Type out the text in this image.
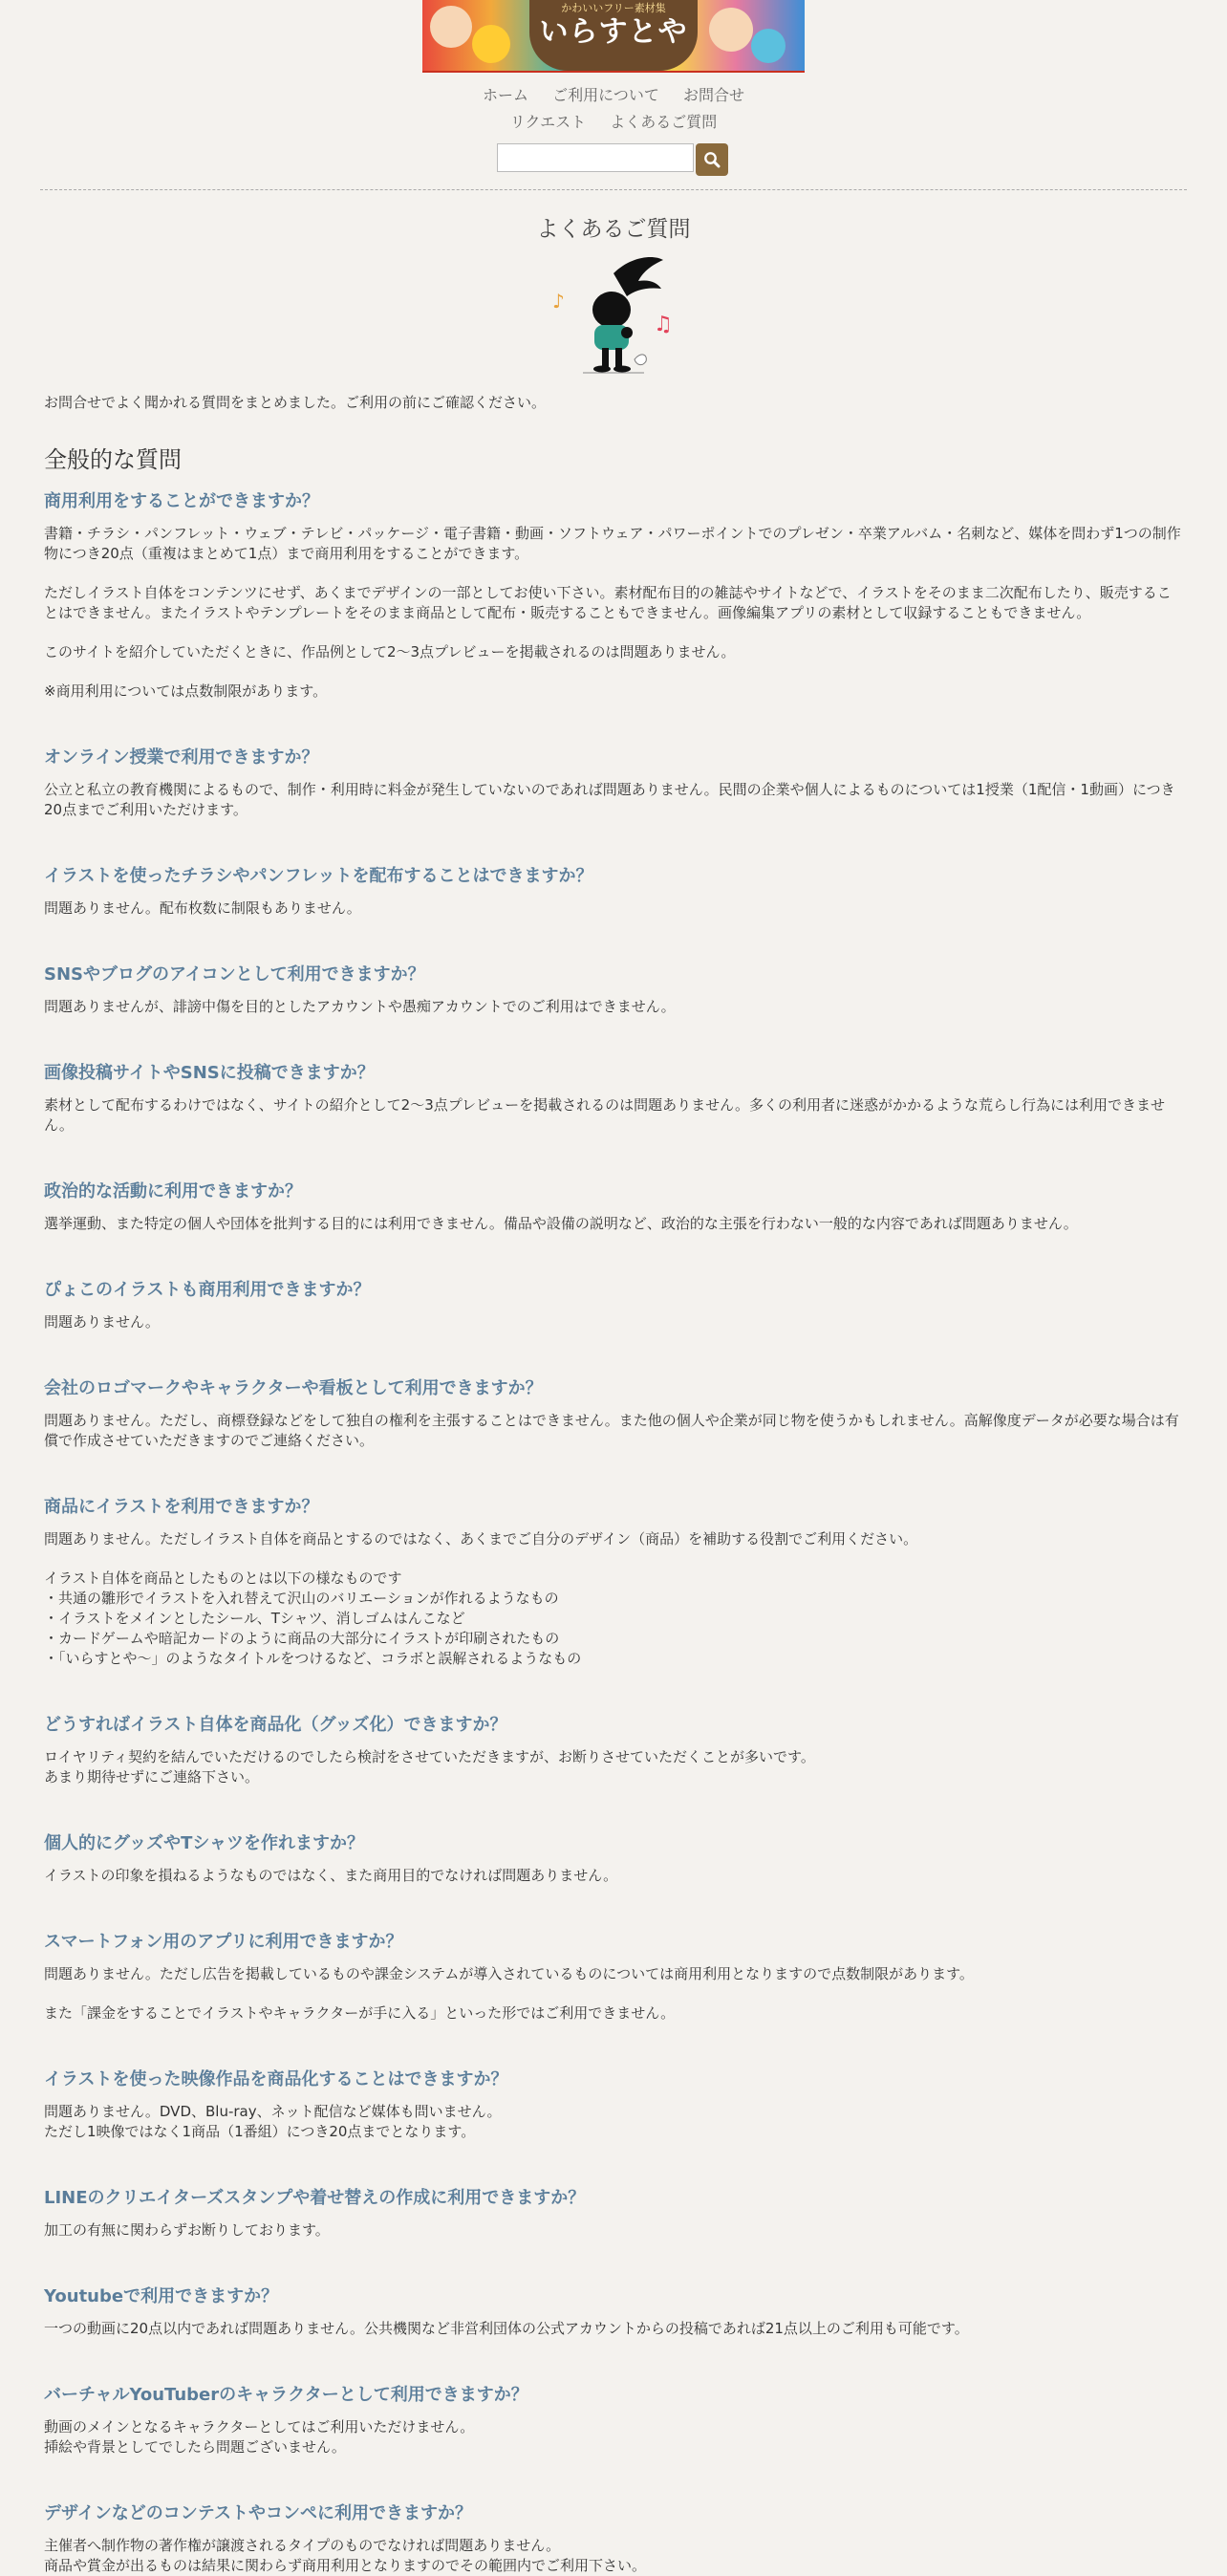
かわいいフリー素材集
いらすとや
ホーム ご利用について お問合せ
リクエスト よくあるご質問
よくあるご質問
♪
♫

お問合せでよく聞かれる質問をまとめました。ご利用の前にご確認ください。

全般的な質問
商用利用をすることができますか？

書籍・チラシ・パンフレット・ウェブ・テレビ・パッケージ・電子書籍・動画・ソフトウェア・パワーポイントでのプレゼン・卒業アルバム・名刺など、媒体を問わず1つの制作物につき20点（重複はまとめて1点）まで商用利用をすることができます。

ただしイラスト自体をコンテンツにせず、あくまでデザインの一部としてお使い下さい。素材配布目的の雑誌やサイトなどで、イラストをそのまま二次配布したり、販売することはできません。またイラストやテンプレートをそのまま商品として配布・販売することもできません。画像編集アプリの素材として収録することもできません。

このサイトを紹介していただくときに、作品例として2～3点プレビューを掲載されるのは問題ありません。

※商用利用については点数制限があります。

オンライン授業で利用できますか？

公立と私立の教育機関によるもので、制作・利用時に料金が発生していないのであれば問題ありません。民間の企業や個人によるものについては1授業（1配信・1動画）につき20点までご利用いただけます。

イラストを使ったチラシやパンフレットを配布することはできますか？

問題ありません。配布枚数に制限もありません。

SNSやブログのアイコンとして利用できますか？

問題ありませんが、誹謗中傷を目的としたアカウントや愚痴アカウントでのご利用はできません。

画像投稿サイトやSNSに投稿できますか？

素材として配布するわけではなく、サイトの紹介として2～3点プレビューを掲載されるのは問題ありません。多くの利用者に迷惑がかかるような荒らし行為には利用できません。

政治的な活動に利用できますか？

選挙運動、また特定の個人や団体を批判する目的には利用できません。備品や設備の説明など、政治的な主張を行わない一般的な内容であれば問題ありません。

ぴょこのイラストも商用利用できますか？

問題ありません。

会社のロゴマークやキャラクターや看板として利用できますか？

問題ありません。ただし、商標登録などをして独自の権利を主張することはできません。また他の個人や企業が同じ物を使うかもしれません。高解像度データが必要な場合は有償で作成させていただきますのでご連絡ください。

商品にイラストを利用できますか？

問題ありません。ただしイラスト自体を商品とするのではなく、あくまでご自分のデザイン（商品）を補助する役割でご利用ください。

イラスト自体を商品としたものとは以下の様なものです
・共通の雛形でイラストを入れ替えて沢山のバリエーションが作れるようなもの
・イラストをメインとしたシール、Tシャツ、消しゴムはんこなど
・カードゲームや暗記カードのように商品の大部分にイラストが印刷されたもの
・「いらすとや～」のようなタイトルをつけるなど、コラボと誤解されるようなもの

どうすればイラスト自体を商品化（グッズ化）できますか？

ロイヤリティ契約を結んでいただけるのでしたら検討をさせていただきますが、お断りさせていただくことが多いです。
あまり期待せずにご連絡下さい。

個人的にグッズやTシャツを作れますか？

イラストの印象を損ねるようなものではなく、また商用目的でなければ問題ありません。

スマートフォン用のアプリに利用できますか？

問題ありません。ただし広告を掲載しているものや課金システムが導入されているものについては商用利用となりますので点数制限があります。

また「課金をすることでイラストやキャラクターが手に入る」といった形ではご利用できません。

イラストを使った映像作品を商品化することはできますか？

問題ありません。DVD、Blu-ray、ネット配信など媒体も問いません。
ただし1映像ではなく1商品（1番組）につき20点までとなります。

LINEのクリエイターズスタンプや着せ替えの作成に利用できますか？

加工の有無に関わらずお断りしております。

Youtubeで利用できますか？

一つの動画に20点以内であれば問題ありません。公共機関など非営利団体の公式アカウントからの投稿であれば21点以上のご利用も可能です。

バーチャルYouTuberのキャラクターとして利用できますか？

動画のメインとなるキャラクターとしてはご利用いただけません。
挿絵や背景としてでしたら問題ございません。

デザインなどのコンテストやコンペに利用できますか？

主催者へ制作物の著作権が譲渡されるタイプのものでなければ問題ありません。
商品や賞金が出るものは結果に関わらず商用利用となりますのでその範囲内でご利用下さい。
